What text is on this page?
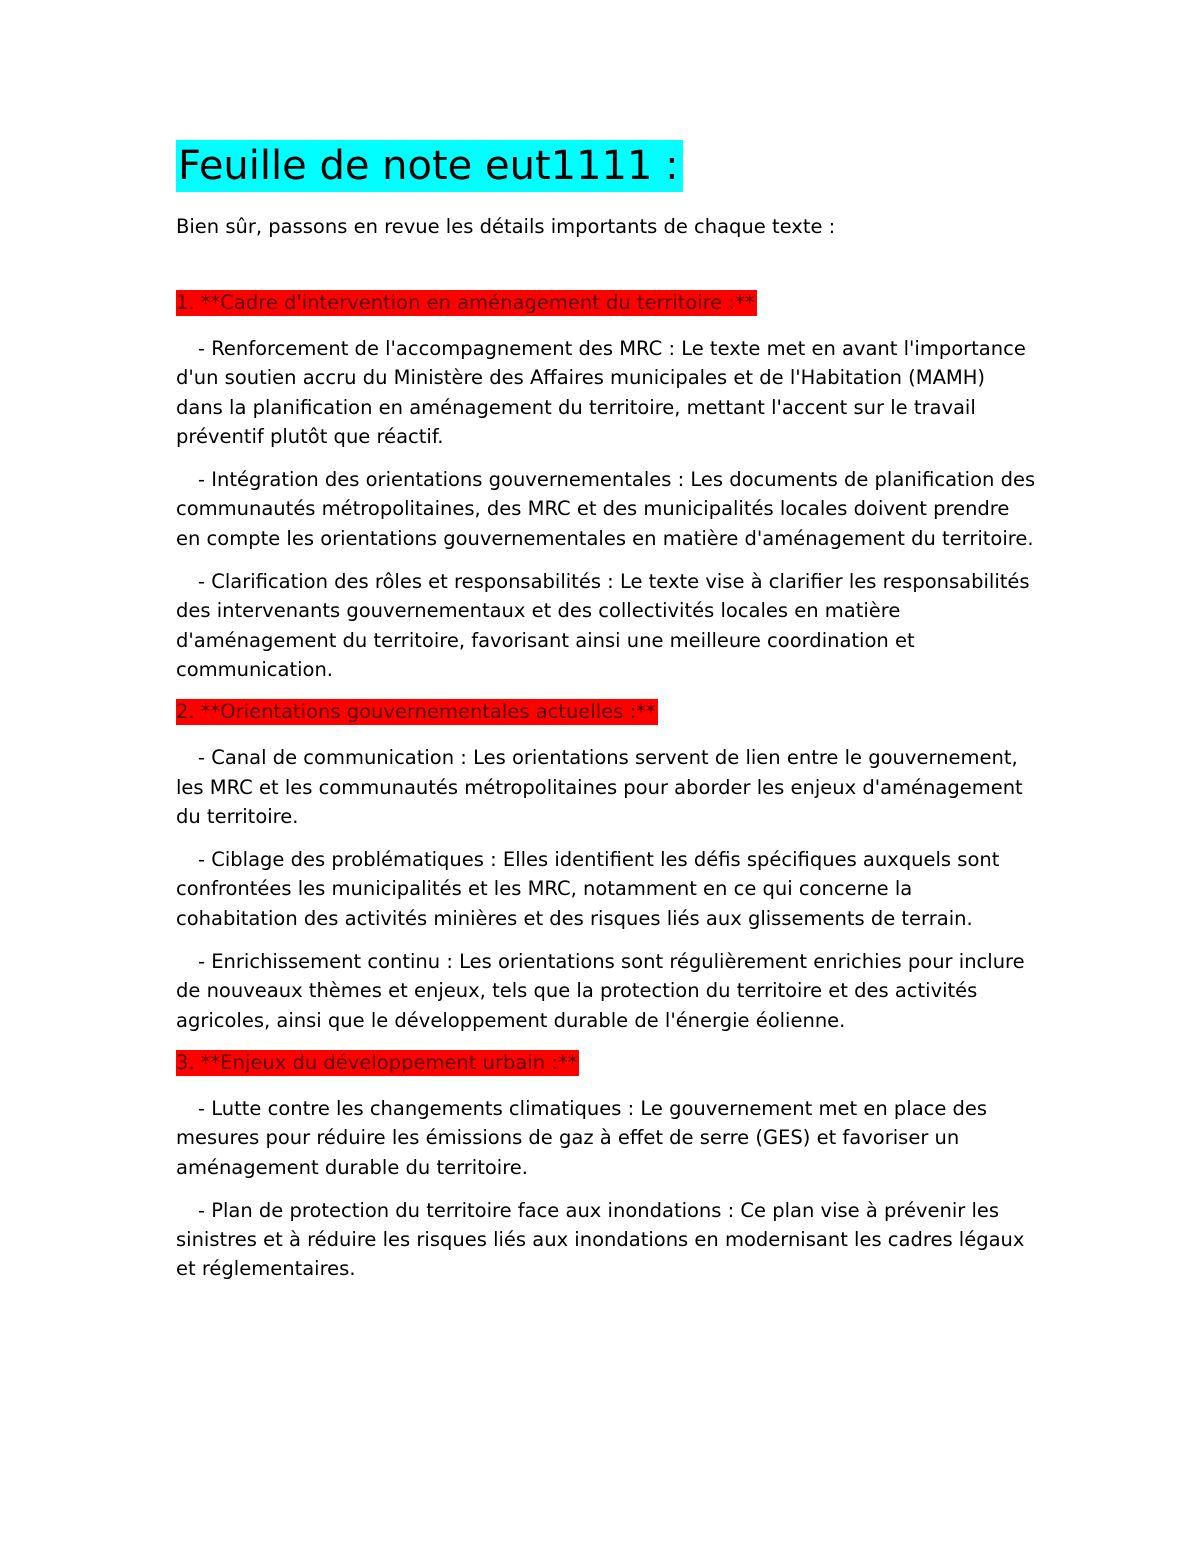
Feuille de note eut1111 :

Bien sûr, passons en revue les détails importants de chaque texte :

1. **Cadre d'intervention en aménagement du territoire :**

- Renforcement de l'accompagnement des MRC : Le texte met en avant l'importance d'un soutien accru du Ministère des Affaires municipales et de l'Habitation (MAMH) dans la planification en aménagement du territoire, mettant l'accent sur le travail préventif plutôt que réactif.

- Intégration des orientations gouvernementales : Les documents de planification des communautés métropolitaines, des MRC et des municipalités locales doivent prendre en compte les orientations gouvernementales en matière d'aménagement du territoire.

- Clarification des rôles et responsabilités : Le texte vise à clarifier les responsabilités des intervenants gouvernementaux et des collectivités locales en matière d'aménagement du territoire, favorisant ainsi une meilleure coordination et communication.

2. **Orientations gouvernementales actuelles :**

- Canal de communication : Les orientations servent de lien entre le gouvernement, les MRC et les communautés métropolitaines pour aborder les enjeux d'aménagement du territoire.

- Ciblage des problématiques : Elles identifient les défis spécifiques auxquels sont confrontées les municipalités et les MRC, notamment en ce qui concerne la cohabitation des activités minières et des risques liés aux glissements de terrain.

- Enrichissement continu : Les orientations sont régulièrement enrichies pour inclure de nouveaux thèmes et enjeux, tels que la protection du territoire et des activités agricoles, ainsi que le développement durable de l'énergie éolienne.

3. **Enjeux du développement urbain :**

- Lutte contre les changements climatiques : Le gouvernement met en place des mesures pour réduire les émissions de gaz à effet de serre (GES) et favoriser un aménagement durable du territoire.

- Plan de protection du territoire face aux inondations : Ce plan vise à prévenir les sinistres et à réduire les risques liés aux inondations en modernisant les cadres légaux et réglementaires.
